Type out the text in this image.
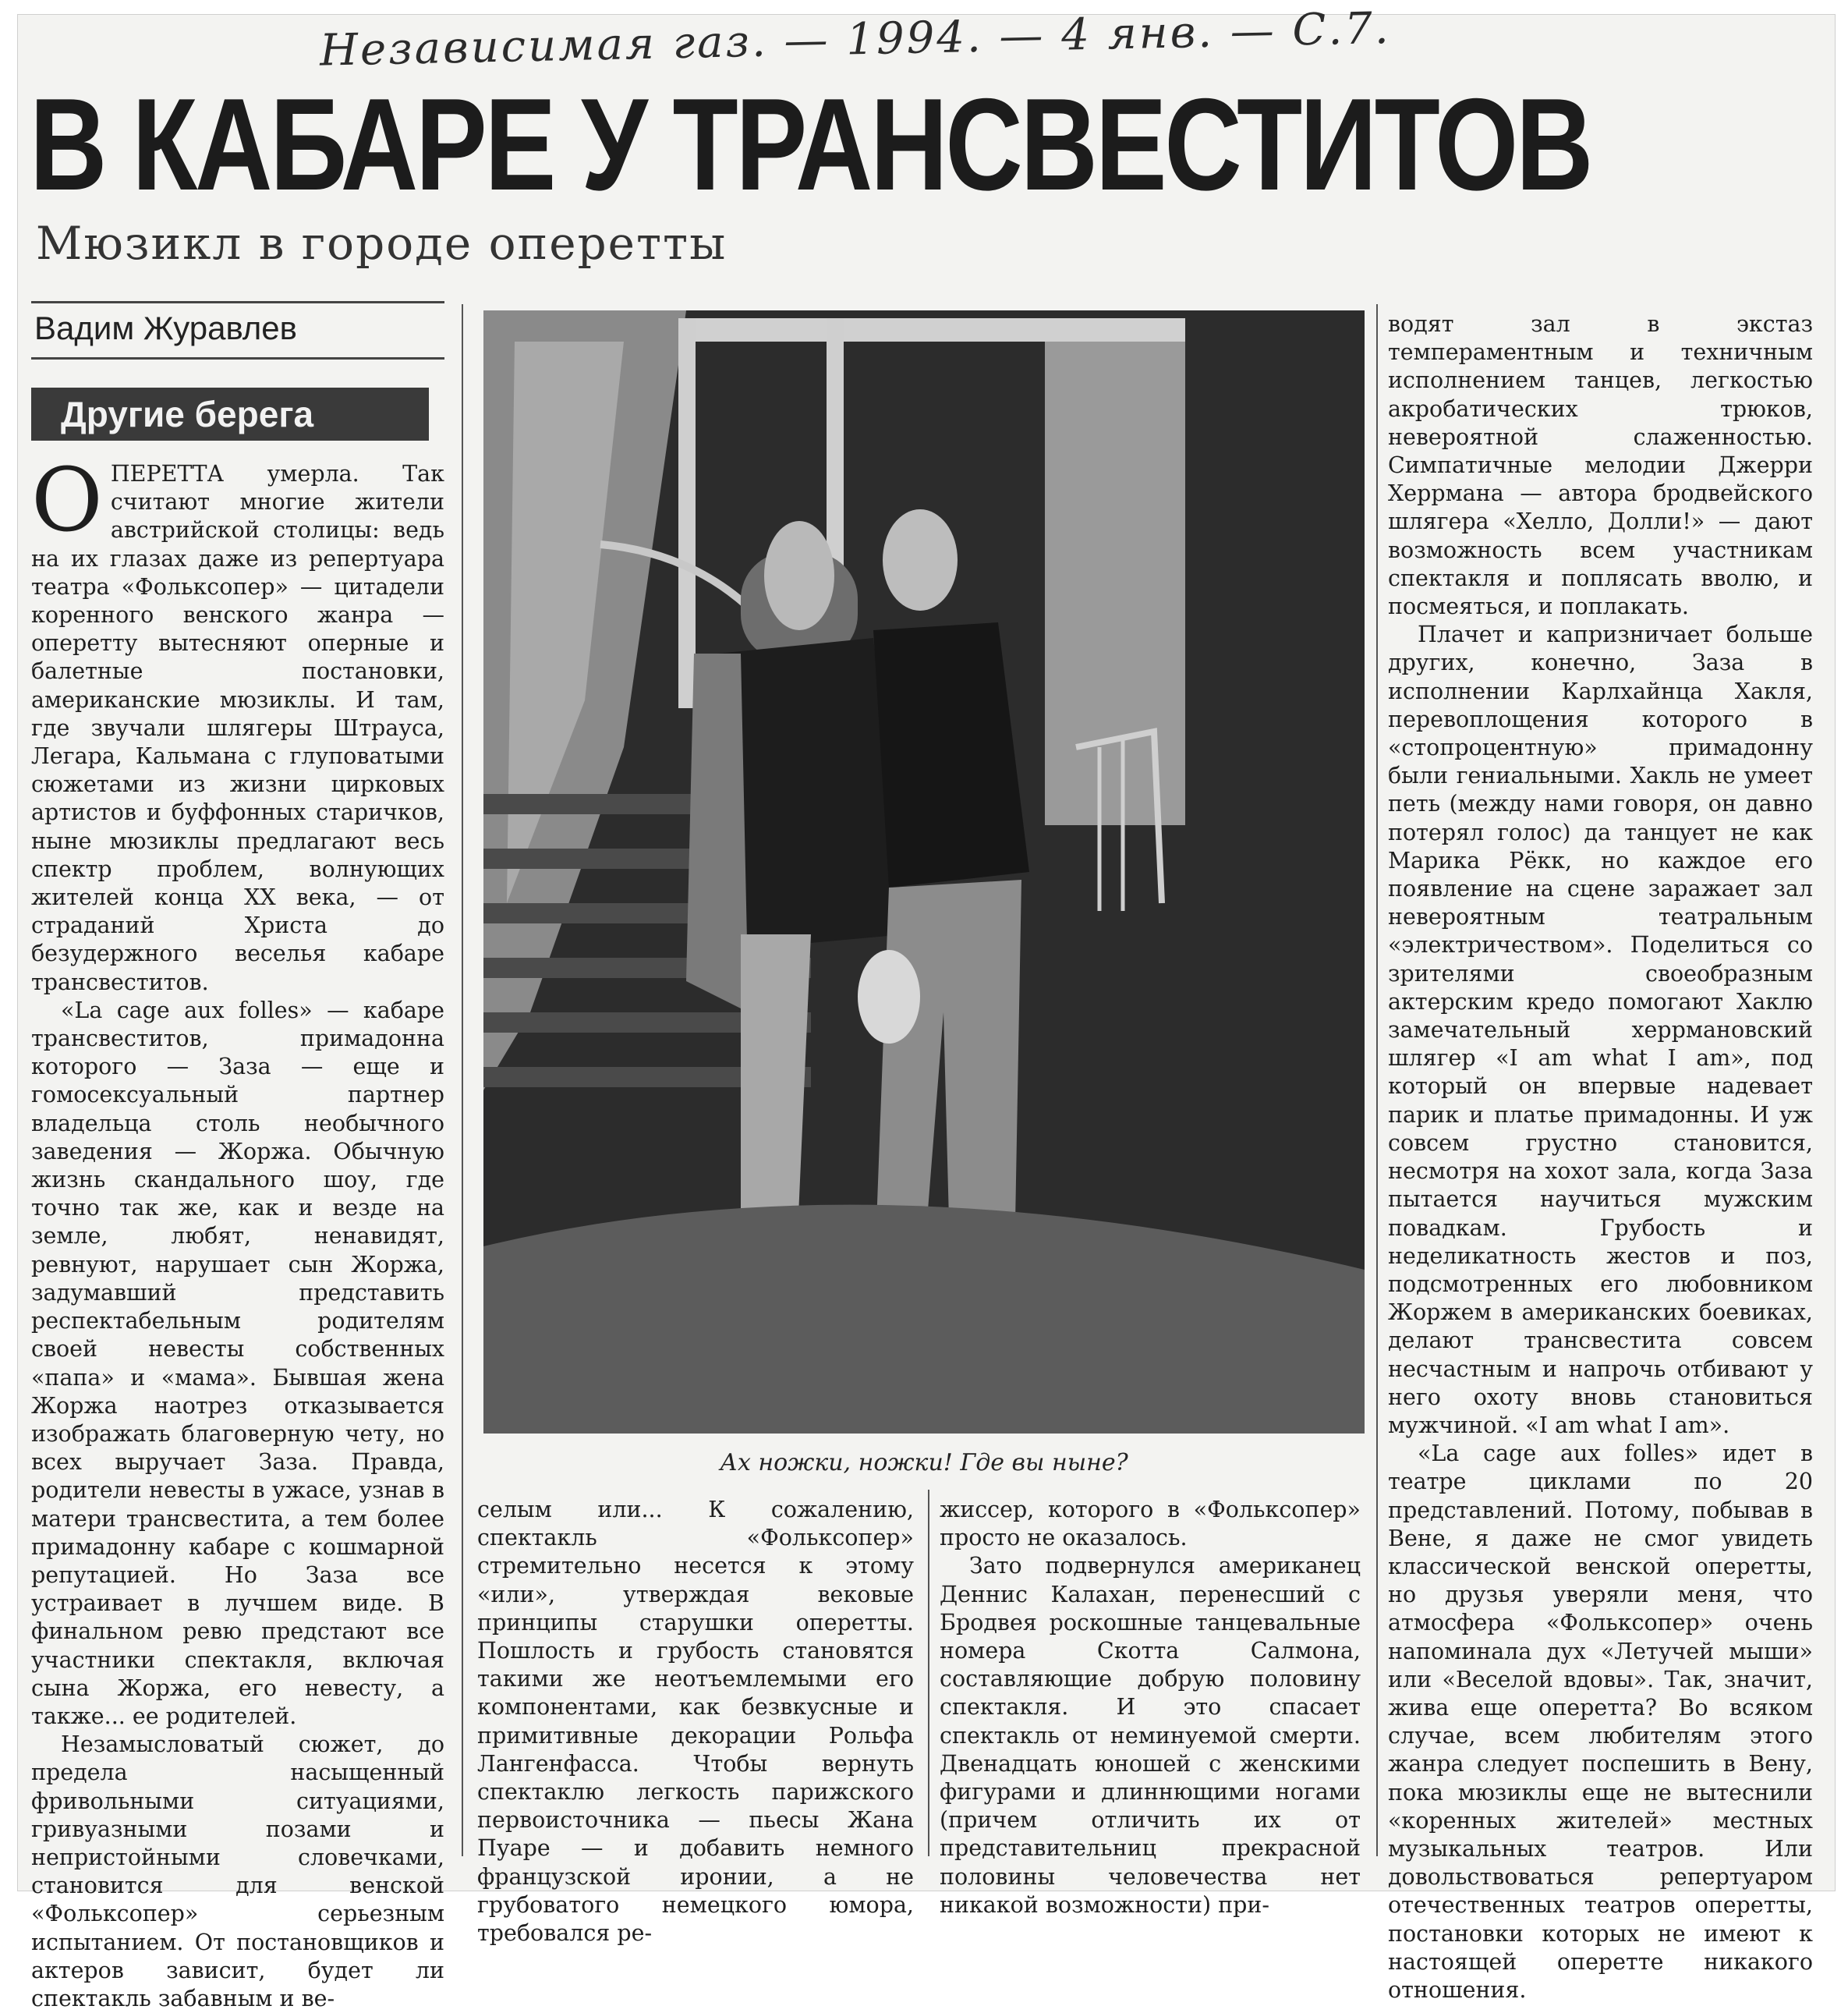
Независимая газ. — 1994. — 4 янв. — С.7.
В КАБАРЕ У ТРАНСВЕСТИТОВ
Мюзикл в городе оперетты
Вадим Журавлев
Другие берега

ОПЕРЕТТА умерла. Так считают многие жители австрийской столицы: ведь на их глазах даже из репертуара театра «Фольксопер» — цитадели коренного венского жанра — оперетту вытесняют оперные и балетные постановки, американские мюзиклы. И там, где звучали шлягеры Штрауса, Легара, Кальмана с глуповатыми сюжетами из жизни цирковых артистов и буффонных старичков, ныне мюзиклы предлагают весь спектр проблем, волнующих жителей конца XX века, — от страданий Христа до безудержного веселья кабаре трансвеститов.

«La cage aux folles» — кабаре трансвеститов, примадонна которого — Заза — еще и гомосексуальный партнер владельца столь необычного заведения — Жоржа. Обычную жизнь скандального шоу, где точно так же, как и везде на земле, любят, ненавидят, ревнуют, нарушает сын Жоржа, задумавший представить респектабельным родителям своей невесты собственных «папа» и «мама». Бывшая жена Жоржа наотрез отказывается изображать благоверную чету, но всех выручает Заза. Правда, родители невесты в ужасе, узнав в матери трансвестита, а тем более примадонну кабаре с кошмарной репутацией. Но Заза все устраивает в лучшем виде. В финальном ревю предстают все участники спектакля, включая сына Жоржа, его невесту, а также... ее родителей.

Незамысловатый сюжет, до предела насыщенный фривольными ситуациями, гривуазными позами и непристойными словечками, становится для венской «Фольксопер» серьезным испытанием. От постановщиков и актеров зависит, будет ли спектакль забавным и ве-

Ах ножки, ножки! Где вы ныне?

селым или... К сожалению, спектакль «Фольксопер» стремительно несется к этому «или», утверждая вековые принципы старушки оперетты. Пошлость и грубость становятся такими же неотъемлемыми его компонентами, как безвкусные и примитивные декорации Рольфа Лангенфасса. Чтобы вернуть спектаклю легкость парижского первоисточника — пьесы Жана Пуаре — и добавить немного французской иронии, а не грубоватого немецкого юмора, требовался ре-

жиссер, которого в «Фольксопер» просто не оказалось.

Зато подвернулся американец Деннис Калахан, перенесший с Бродвея роскошные танцевальные номера Скотта Салмона, составляющие добрую половину спектакля. И это спасает спектакль от неминуемой смерти. Двенадцать юношей с женскими фигурами и длиннющими ногами (причем отличить их от представительниц прекрасной половины человечества нет никакой возможности) при-

водят зал в экстаз темпераментным и техничным исполнением танцев, легкостью акробатических трюков, невероятной слаженностью. Симпатичные мелодии Джерри Херрмана — автора бродвейского шлягера «Хелло, Долли!» — дают возможность всем участникам спектакля и поплясать вволю, и посмеяться, и поплакать.

Плачет и капризничает больше других, конечно, Заза в исполнении Карлхайнца Хакля, перевоплощения которого в «стопроцентную» примадонну были гениальными. Хакль не умеет петь (между нами говоря, он давно потерял голос) да танцует не как Марика Рёкк, но каждое его появление на сцене заражает зал невероятным театральным «электричеством». Поделиться со зрителями своеобразным актерским кредо помогают Хаклю замечательный херрмановский шлягер «I am what I am», под который он впервые надевает парик и платье примадонны. И уж совсем грустно становится, несмотря на хохот зала, когда Заза пытается научиться мужским повадкам. Грубость и неделикатность жестов и поз, подсмотренных его любовником Жоржем в американских боевиках, делают трансвестита совсем несчастным и напрочь отбивают у него охоту вновь становиться мужчиной. «I am what I am».

«La cage aux folles» идет в театре циклами по 20 представлений. Потому, побывав в Вене, я даже не смог увидеть классической венской оперетты, но друзья уверяли меня, что атмосфера «Фольксопер» очень напоминала дух «Летучей мыши» или «Веселой вдовы». Так, значит, жива еще оперетта? Во всяком случае, всем любителям этого жанра следует поспешить в Вену, пока мюзиклы еще не вытеснили «коренных жителей» местных музыкальных театров. Или довольствоваться репертуаром отечественных театров оперетты, постановки которых не имеют к настоящей оперетте никакого отношения.
